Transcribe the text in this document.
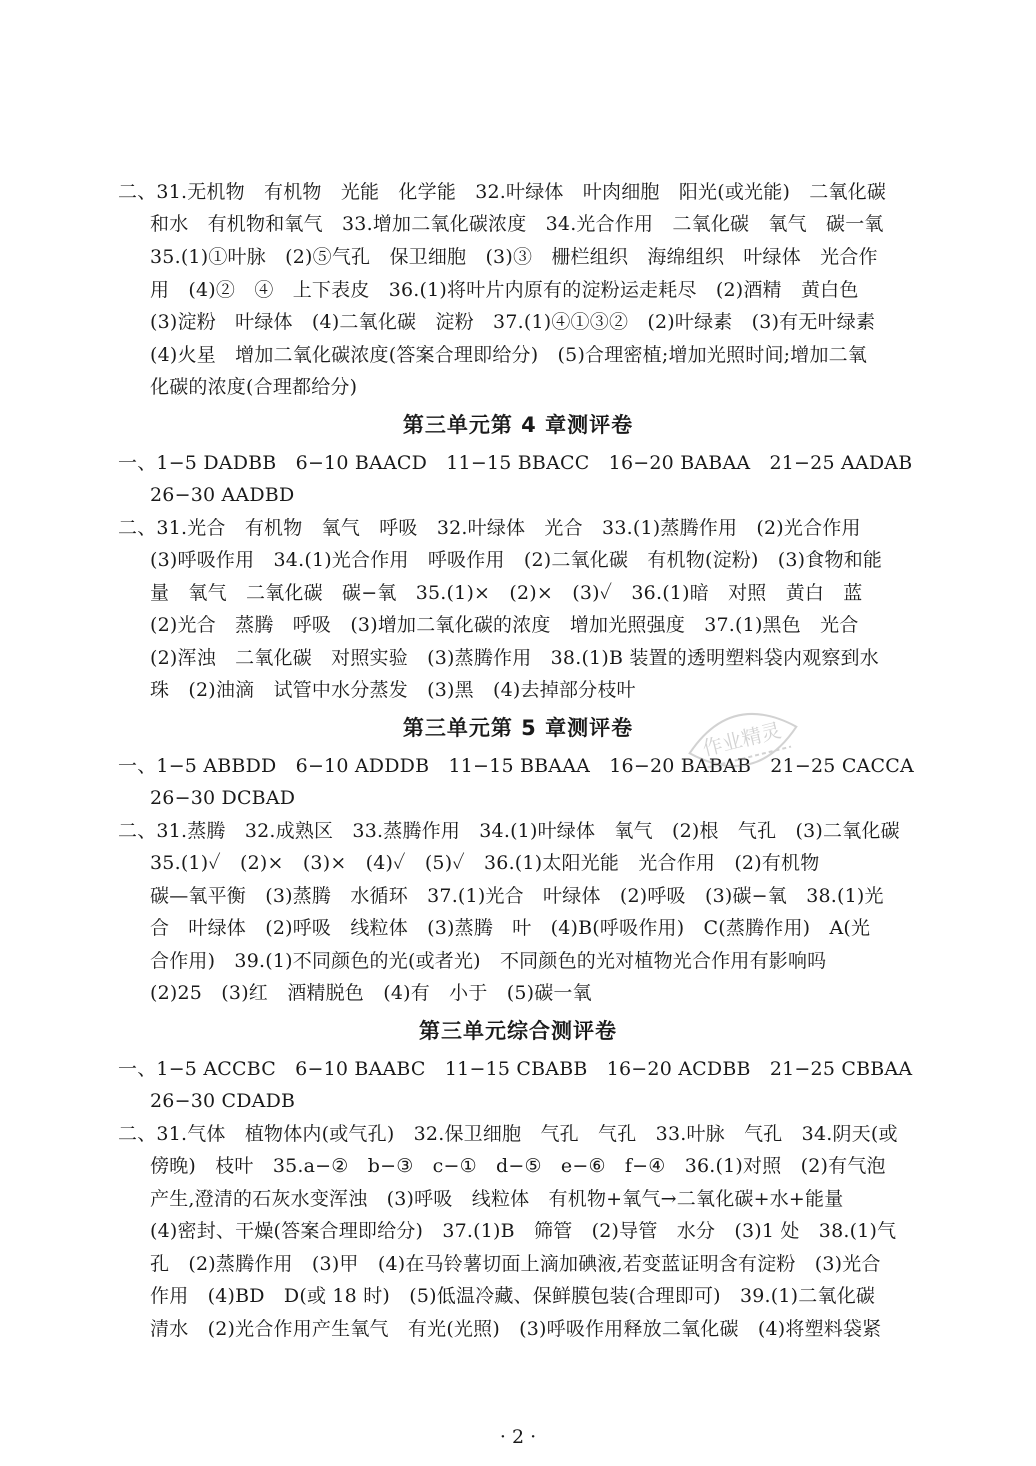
二、31.无机物　有机物　光能　化学能　32.叶绿体　叶肉细胞　阳光(或光能)　二氧化碳
和水　有机物和氧气　33.增加二氧化碳浓度　34.光合作用　二氧化碳　氧气　碳一氧
35.(1)①叶脉　(2)⑤气孔　保卫细胞　(3)③　栅栏组织　海绵组织　叶绿体　光合作
用　(4)②　④　上下表皮　36.(1)将叶片内原有的淀粉运走耗尽　(2)酒精　黄白色
(3)淀粉　叶绿体　(4)二氧化碳　淀粉　37.(1)④①③②　(2)叶绿素　(3)有无叶绿素
(4)火星　增加二氧化碳浓度(答案合理即给分)　(5)合理密植;增加光照时间;增加二氧
化碳的浓度(合理都给分)
第三单元第 4 章测评卷
一、1−5 DADBB　6−10 BAACD　11−15 BBACC　16−20 BABAA　21−25 AADAB
26−30 AADBD
二、31.光合　有机物　氧气　呼吸　32.叶绿体　光合　33.(1)蒸腾作用　(2)光合作用
(3)呼吸作用　34.(1)光合作用　呼吸作用　(2)二氧化碳　有机物(淀粉)　(3)食物和能
量　氧气　二氧化碳　碳−氧　35.(1)×　(2)×　(3)✓　36.(1)暗　对照　黄白　蓝
(2)光合　蒸腾　呼吸　(3)增加二氧化碳的浓度　增加光照强度　37.(1)黑色　光合
(2)浑浊　二氧化碳　对照实验　(3)蒸腾作用　38.(1)B 装置的透明塑料袋内观察到水
珠　(2)油滴　试管中水分蒸发　(3)黑　(4)去掉部分枝叶
第三单元第 5 章测评卷
一、1−5 ABBDD　6−10 ADDDB　11−15 BBAAA　16−20 BABAB　21−25 CACCA
26−30 DCBAD
二、31.蒸腾　32.成熟区　33.蒸腾作用　34.(1)叶绿体　氧气　(2)根　气孔　(3)二氧化碳
35.(1)✓　(2)×　(3)×　(4)✓　(5)✓　36.(1)太阳光能　光合作用　(2)有机物
碳—氧平衡　(3)蒸腾　水循环　37.(1)光合　叶绿体　(2)呼吸　(3)碳−氧　38.(1)光
合　叶绿体　(2)呼吸　线粒体　(3)蒸腾　叶　(4)B(呼吸作用)　C(蒸腾作用)　A(光
合作用)　39.(1)不同颜色的光(或者光)　不同颜色的光对植物光合作用有影响吗
(2)25　(3)红　酒精脱色　(4)有　小于　(5)碳一氧
第三单元综合测评卷
一、1−5 ACCBC　6−10 BAABC　11−15 CBABB　16−20 ACDBB　21−25 CBBAA
26−30 CDADB
二、31.气体　植物体内(或气孔)　32.保卫细胞　气孔　气孔　33.叶脉　气孔　34.阴天(或
傍晚)　枝叶　35.a−②　b−③　c−①　d−⑤　e−⑥　f−④　36.(1)对照　(2)有气泡
产生,澄清的石灰水变浑浊　(3)呼吸　线粒体　有机物+氧气→二氧化碳+水+能量
(4)密封、干燥(答案合理即给分)　37.(1)B　筛管　(2)导管　水分　(3)1 处　38.(1)气
孔　(2)蒸腾作用　(3)甲　(4)在马铃薯切面上滴加碘液,若变蓝证明含有淀粉　(3)光合
作用　(4)BD　D(或 18 时)　(5)低温冷藏、保鲜膜包装(合理即可)　39.(1)二氧化碳
清水　(2)光合作用产生氧气　有光(光照)　(3)呼吸作用释放二氧化碳　(4)将塑料袋紧
· 2 ·
作业精灵
